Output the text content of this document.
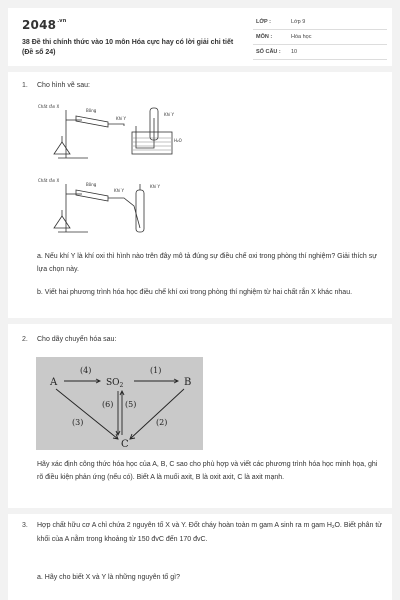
$2048^{.vn}$
38 Đề thi chính thức vào 10 môn Hóa cực hay có lời giải chi tiết (Đề số 24)
LỚP :	Lớp 9
MÔN :	Hóa học
SỐ CÂU : 10
1. Cho hình vẽ sau:
Chất rắn X
Bông
Khí Y
Khí Y
H₂O
Chất rắn X
Bông
Khí Y
Khí Y
a. Nếu khí Y là khí oxi thì hình nào trên đây mô tả đúng sự điều chế oxi trong phòng thí nghiệm? Giải thích sự lựa chọn này.
b. Viết hai phương trình hóa học điều chế khí oxi trong phòng thí nghiệm từ hai chất rắn X khác nhau.
2. Cho dãy chuyển hóa sau:
A	$SO_2$	B
C
(4)	(1)
(6) (5)
(3)	(2)
Hãy xác định công thức hóa học của A, B, C sao cho phù hợp và viết các phương trình hóa học minh họa, ghi rõ điều kiện phản ứng (nếu có). Biết A là muối axit, B là oxit axit, C là axit mạnh.
3. Hợp chất hữu cơ A chỉ chứa 2 nguyên tố X và Y. Đốt cháy hoàn toàn m gam A sinh ra m gam $H_2O$. Biết phân tử khối của A nằm trong khoảng từ 150 đvC đến 170 đvC.
a. Hãy cho biết X và Y là những nguyên tố gì?
